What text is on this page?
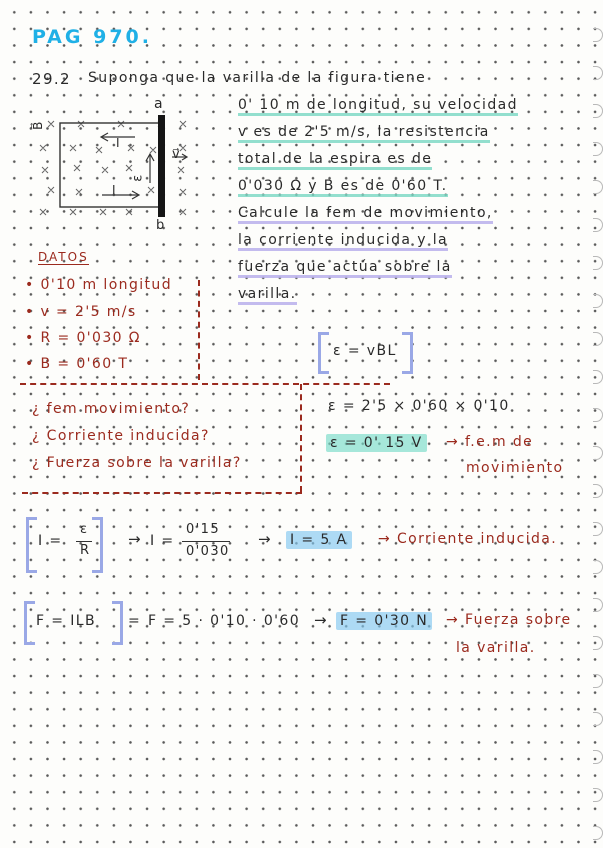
PAG 970.
29.2 Suponga que la varilla de la figura tiene
0' 10 m de longitud, su velocidad
v es de 2'5 m/s, la resistencia
total de la espira es de
0'030 Ω y B es de 0'60 T.
Calcule la fem de movimiento,
la corriente inducida y la
fuerza que actúa sobre la
varilla.
a
b
B⃗
I
I
ε
v⃗
DATOS
• 0'10 m longitud
• v = 2'5 m/s
• R = 0'030 Ω
• B = 0'60 T
¿ fem movimiento?
¿ Corriente inducida?
¿ Fuerza sobre la varilla?
ε = vBL
ε = 2'5 × 0'60 × 0'10
ε = 0' 15 V → f.e.m de
movimiento
I =
ε
R
→ I =
0'15
0'030
→ I = 5 A → Corriente inducida.
F = ILB = F = 5 · 0'10 · 0'60 → F = 0'30 N → Fuerza sobre
la varilla.
